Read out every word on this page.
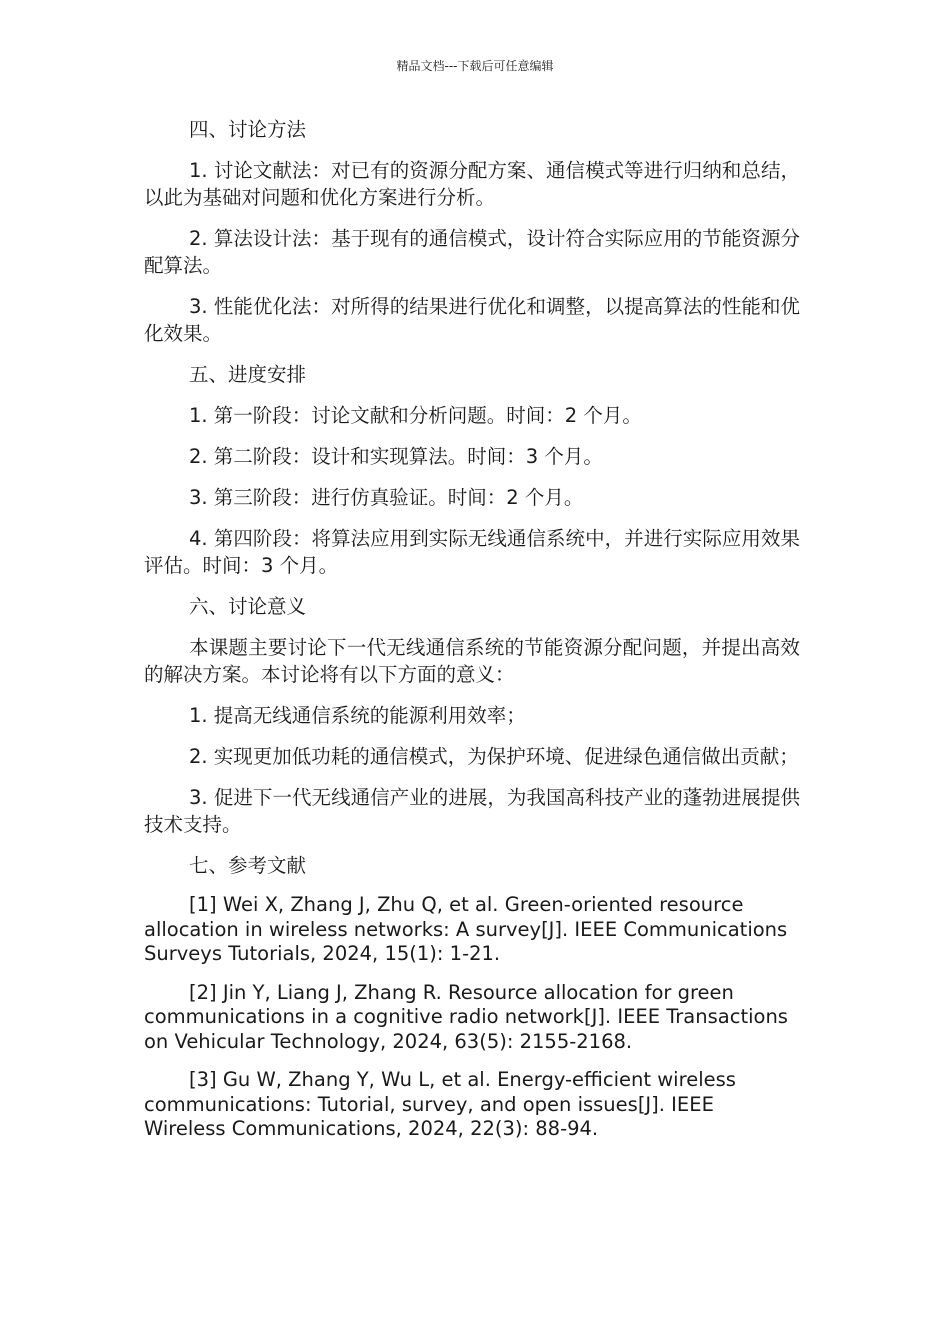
精品文档---下载后可任意编辑
四、讨论方法
1. 讨论文献法：对已有的资源分配方案、通信模式等进行归纳和总结，以此为基础对问题和优化方案进行分析。
2. 算法设计法：基于现有的通信模式，设计符合实际应用的节能资源分配算法。
3. 性能优化法：对所得的结果进行优化和调整，以提高算法的性能和优化效果。
五、进度安排
1. 第一阶段：讨论文献和分析问题。时间：2 个月。
2. 第二阶段：设计和实现算法。时间：3 个月。
3. 第三阶段：进行仿真验证。时间：2 个月。
4. 第四阶段：将算法应用到实际无线通信系统中，并进行实际应用效果评估。时间：3 个月。
六、讨论意义
本课题主要讨论下一代无线通信系统的节能资源分配问题，并提出高效的解决方案。本讨论将有以下方面的意义：
1. 提高无线通信系统的能源利用效率；
2. 实现更加低功耗的通信模式，为保护环境、促进绿色通信做出贡献；
3. 促进下一代无线通信产业的进展，为我国高科技产业的蓬勃进展提供技术支持。
七、参考文献
[1] Wei X, Zhang J, Zhu Q, et al. Green-oriented resource allocation in wireless networks: A survey[J]. IEEE Communications Surveys Tutorials, 2024, 15(1): 1-21.
[2] Jin Y, Liang J, Zhang R. Resource allocation for green communications in a cognitive radio network[J]. IEEE Transactions on Vehicular Technology, 2024, 63(5): 2155-2168.
[3] Gu W, Zhang Y, Wu L, et al. Energy-efficient wireless communications: Tutorial, survey, and open issues[J]. IEEE Wireless Communications, 2024, 22(3): 88-94.
